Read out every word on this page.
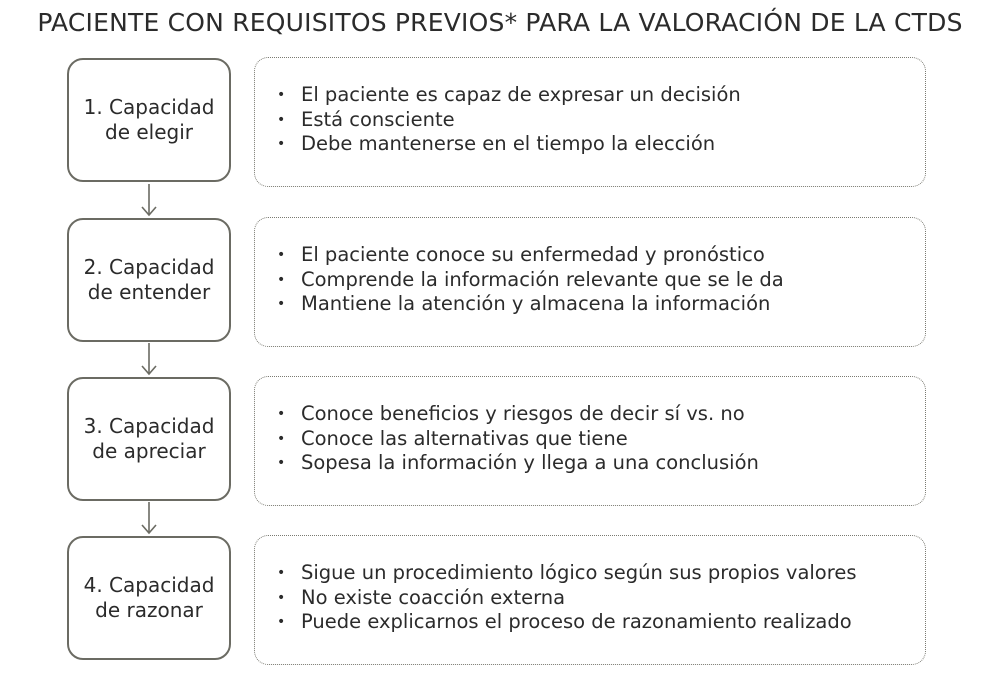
PACIENTE CON REQUISITOS PREVIOS* PARA LA VALORACIÓN DE LA CTDS
1. Capacidad
de elegir
• El paciente es capaz de expresar un decisión
• Está consciente
• Debe mantenerse en el tiempo la elección
2. Capacidad
de entender
• El paciente conoce su enfermedad y pronóstico
• Comprende la información relevante que se le da
• Mantiene la atención y almacena la información
3. Capacidad
de apreciar
• Conoce beneficios y riesgos de decir sí vs. no
• Conoce las alternativas que tiene
• Sopesa la información y llega a una conclusión
4. Capacidad
de razonar
• Sigue un procedimiento lógico según sus propios valores
• No existe coacción externa
• Puede explicarnos el proceso de razonamiento realizado
